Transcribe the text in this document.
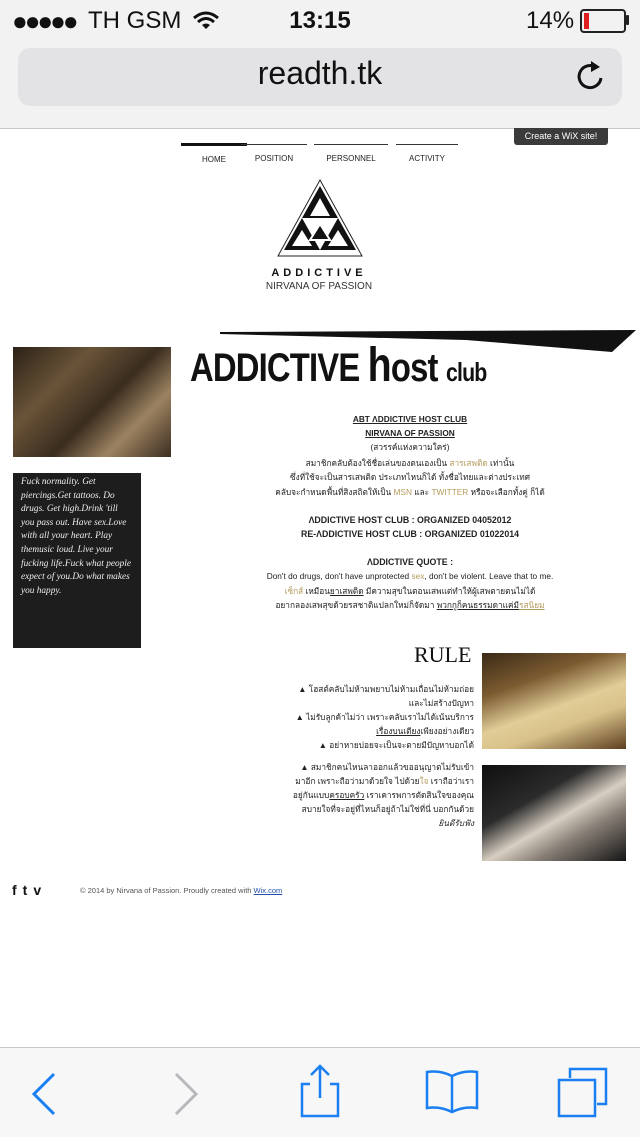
●●●●● TH GSM	13:15	14%
readth.tk
Create a WiX site!
HOME	POSITION	PERSONNEL	ACTIVITY
ADDICTIVE
NIRVANA OF PASSION
Fuck normality. Get piercings.Get tattoos. Do drugs. Get high.Drink 'till you pass out. Have sex.Love with all your heart. Play themusic loud. Live your fucking life.Fuck what people expect of you.Do what makes you happy.
ADDICTIVE host club
ABT ΛDDICTIVE HOST CLUB
NIRVANA OF PASSION
(สวรรค์แห่งความใคร่)
สมาชิกคลับต้องใช้ชื่อเล่นของตนเองเป็น สารเสพติด เท่านั้น
ซึ่งที่ใช้จะเป็นสารเสพติด ประเภทไหนก็ได้ ทั้งชื่อไทยและต่างประเทศ
คลับจะกำหนดพื้นที่สิงสถิตให้เป็น MSN และ TWITTER หรือจะเลือกทั้งคู่ ก็ได้
ΛDDICTIVE HOST CLUB : ORGANIZED 04052012
RE-ΛDDICTIVE HOST CLUB : ORGANIZED 01022014
ΛDDICTIVE QUOTE :
Don't do drugs, don't have unprotected sex, don't be violent. Leave that to me.
เซ็กส์ เหมือนยาเสพติด มีความสุขในตอนเสพแต่ทำให้ผู้เสพตายตนไม่ได้
อยากลองเสพสุขด้วยรสชาติแปลกใหม่ก็จัดมา พวกกูก็คนธรรมดาแค่มีรสนิยม
RULE
▲ โฮสต์คลับไม่ห้ามพยาบไม่ห้ามเถื่อนไม่ห้ามถ่อย
และไม่สร้างปัญหา
▲ ไม่รับลูกค้าไม่ว่า เพราะคลับเราไม่ได้เน้นบริการ
เรื่องบนเตียงเพียงอย่างเดียว
▲ อย่าหายบ่อยจะเป็นจะตายมีปัญหาบอกได้
▲ สมาชิกคนไหนลาออกแล้วขออนุญาตไม่รับเข้า
มาอีก เพราะถือว่ามาด้วยใจ ไปด้วยใจ เราถือว่าเรา
อยู่กันแบบครอบครัว เราเคารพการตัดสินใจของคุณ
สบายใจที่จะอยู่ที่ไหนก็อยู่ถ้าไม่ใช่ที่นี่ บอกกันด้วย
ยินดีรับฟัง
ftv	© 2014 by Nirvana of Passion. Proudly created with Wix.com
